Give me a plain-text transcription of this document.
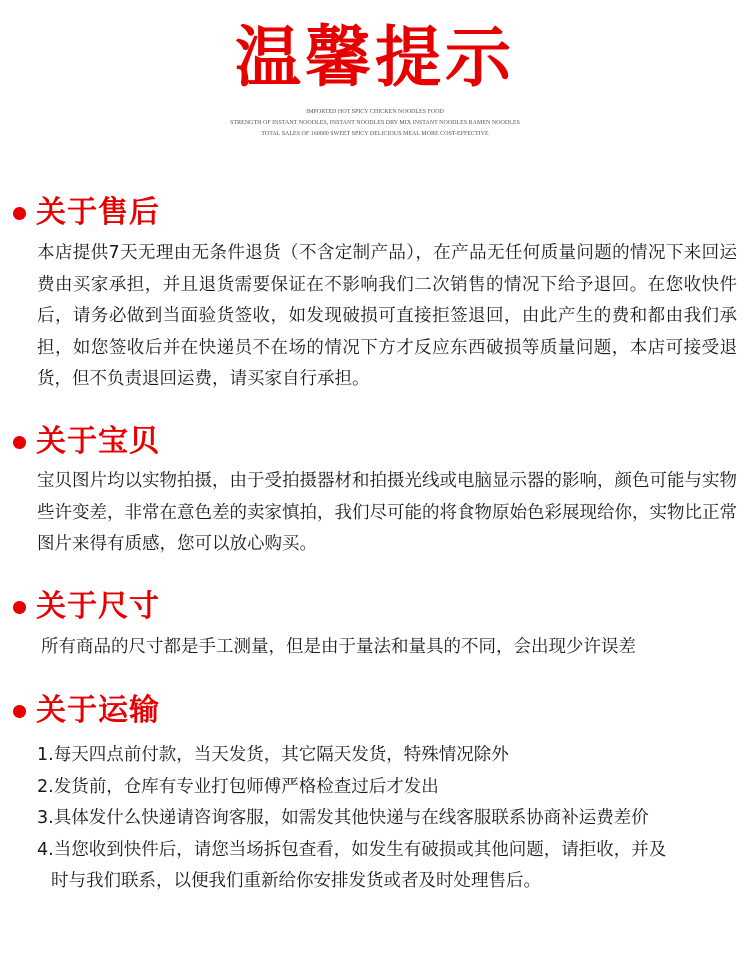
温馨提示
IMPORTED HOT SPICY CHICKEN NOODLES FOOD
STRENGTH OF INSTANT NOODLES, INSTANT NOODLES DRY MIX INSTANT NOODLES RAMEN NOODLES
TOTAL SALES OF 160000 SWEET SPICY DELICIOUS MEAL MORE COST-EFFECTIVE
关于售后
本店提供7天无理由无条件退货（不含定制产品），在产品无任何质量问题的情况下来回运费由买家承担，并且退货需要保证在不影响我们二次销售的情况下给予退回。在您收快件后，请务必做到当面验货签收，如发现破损可直接拒签退回，由此产生的费和都由我们承担，如您签收后并在快递员不在场的情况下方才反应东西破损等质量问题，本店可接受退货，但不负责退回运费，请买家自行承担。
关于宝贝
宝贝图片均以实物拍摄，由于受拍摄器材和拍摄光线或电脑显示器的影响，颜色可能与实物些许变差，非常在意色差的卖家慎拍，我们尽可能的将食物原始色彩展现给你，实物比正常图片来得有质感，您可以放心购买。
关于尺寸
所有商品的尺寸都是手工测量，但是由于量法和量具的不同，会出现少许误差
关于运输
1.每天四点前付款，当天发货，其它隔天发货，特殊情况除外
2.发货前，仓库有专业打包师傅严格检查过后才发出
3.具体发什么快递请咨询客服，如需发其他快递与在线客服联系协商补运费差价
4.当您收到快件后，请您当场拆包查看，如发生有破损或其他问题，请拒收，并及
时与我们联系，以便我们重新给你安排发货或者及时处理售后。
